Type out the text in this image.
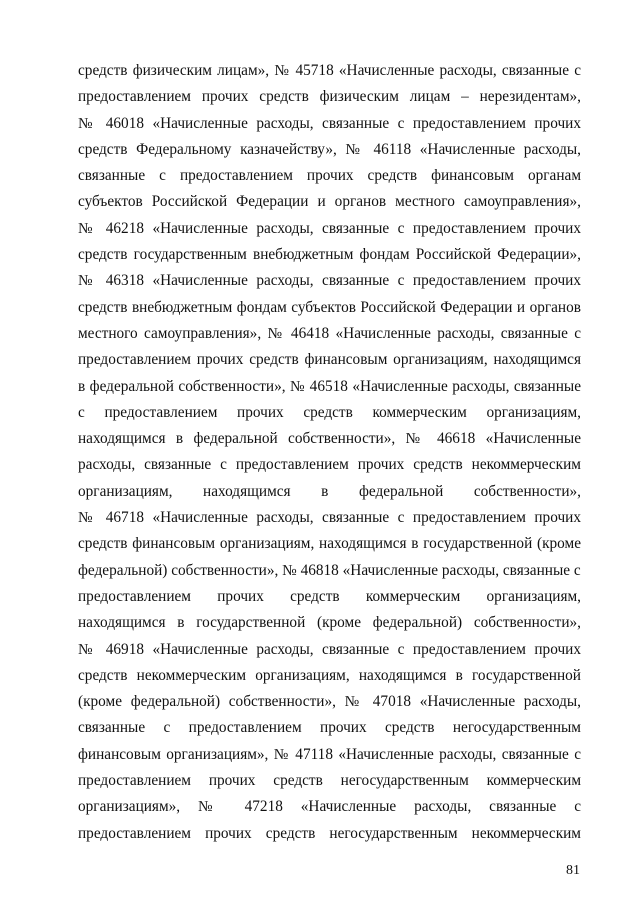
средств физическим лицам», № 45718 «Начисленные расходы, связанные с
предоставлением прочих средств физическим лицам – нерезидентам»,
№ 46018 «Начисленные расходы, связанные с предоставлением прочих
средств Федеральному казначейству», № 46118 «Начисленные расходы,
связанные с предоставлением прочих средств финансовым органам
субъектов Российской Федерации и органов местного самоуправления»,
№ 46218 «Начисленные расходы, связанные с предоставлением прочих
средств государственным внебюджетным фондам Российской Федерации»,
№ 46318 «Начисленные расходы, связанные с предоставлением прочих
средств внебюджетным фондам субъектов Российской Федерации и органов
местного самоуправления», № 46418 «Начисленные расходы, связанные с
предоставлением прочих средств финансовым организациям, находящимся
в федеральной собственности», № 46518 «Начисленные расходы, связанные
с предоставлением прочих средств коммерческим организациям,
находящимся в федеральной собственности», № 46618 «Начисленные
расходы, связанные с предоставлением прочих средств некоммерческим
организациям, находящимся в федеральной собственности»,
№ 46718 «Начисленные расходы, связанные с предоставлением прочих
средств финансовым организациям, находящимся в государственной (кроме
федеральной) собственности», № 46818 «Начисленные расходы, связанные с
предоставлением прочих средств коммерческим организациям,
находящимся в государственной (кроме федеральной) собственности»,
№ 46918 «Начисленные расходы, связанные с предоставлением прочих
средств некоммерческим организациям, находящимся в государственной
(кроме федеральной) собственности», № 47018 «Начисленные расходы,
связанные с предоставлением прочих средств негосударственным
финансовым организациям», № 47118 «Начисленные расходы, связанные с
предоставлением прочих средств негосударственным коммерческим
организациям», № 47218 «Начисленные расходы, связанные с
предоставлением прочих средств негосударственным некоммерческим
81
